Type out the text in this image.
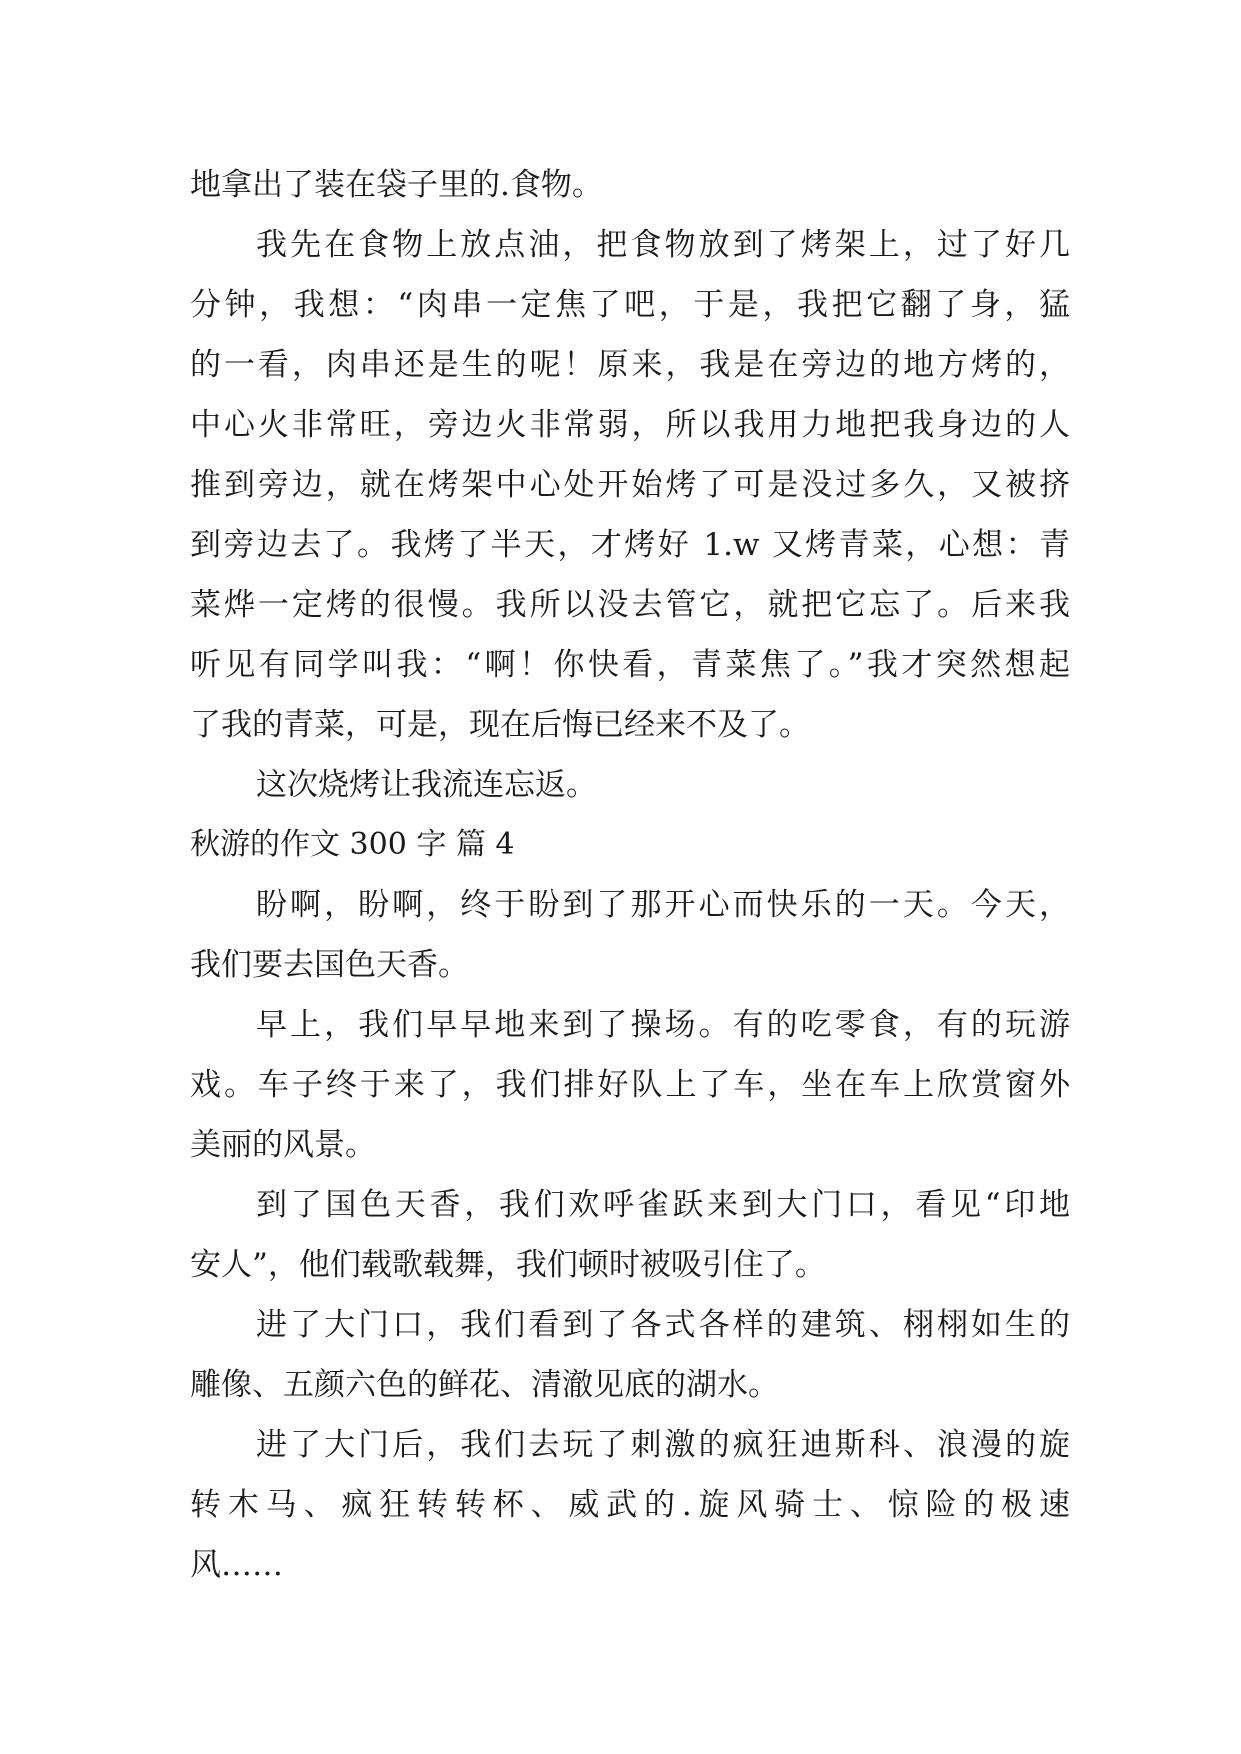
地拿出了装在袋子里的.食物。
我先在食物上放点油，把食物放到了烤架上，过了好几
分钟，我想：“肉串一定焦了吧，于是，我把它翻了身，猛
的一看，肉串还是生的呢！原来，我是在旁边的地方烤的，
中心火非常旺，旁边火非常弱，所以我用力地把我身边的人
推到旁边，就在烤架中心处开始烤了可是没过多久，又被挤
到旁边去了。我烤了半天，才烤好 1.w 又烤青菜，心想：青
菜烨一定烤的很慢。我所以没去管它，就把它忘了。后来我
听见有同学叫我：“啊！你快看，青菜焦了。”我才突然想起
了我的青菜，可是，现在后悔已经来不及了。
这次烧烤让我流连忘返。
秋游的作文 300 字 篇 4
盼啊，盼啊，终于盼到了那开心而快乐的一天。今天，
我们要去国色天香。
早上，我们早早地来到了操场。有的吃零食，有的玩游
戏。车子终于来了，我们排好队上了车，坐在车上欣赏窗外
美丽的风景。
到了国色天香，我们欢呼雀跃来到大门口，看见“印地
安人”，他们载歌载舞，我们顿时被吸引住了。
进了大门口，我们看到了各式各样的建筑、栩栩如生的
雕像、五颜六色的鲜花、清澈见底的湖水。
进了大门后，我们去玩了刺激的疯狂迪斯科、浪漫的旋
转木马、疯狂转转杯、威武的.旋风骑士、惊险的极速
风……
